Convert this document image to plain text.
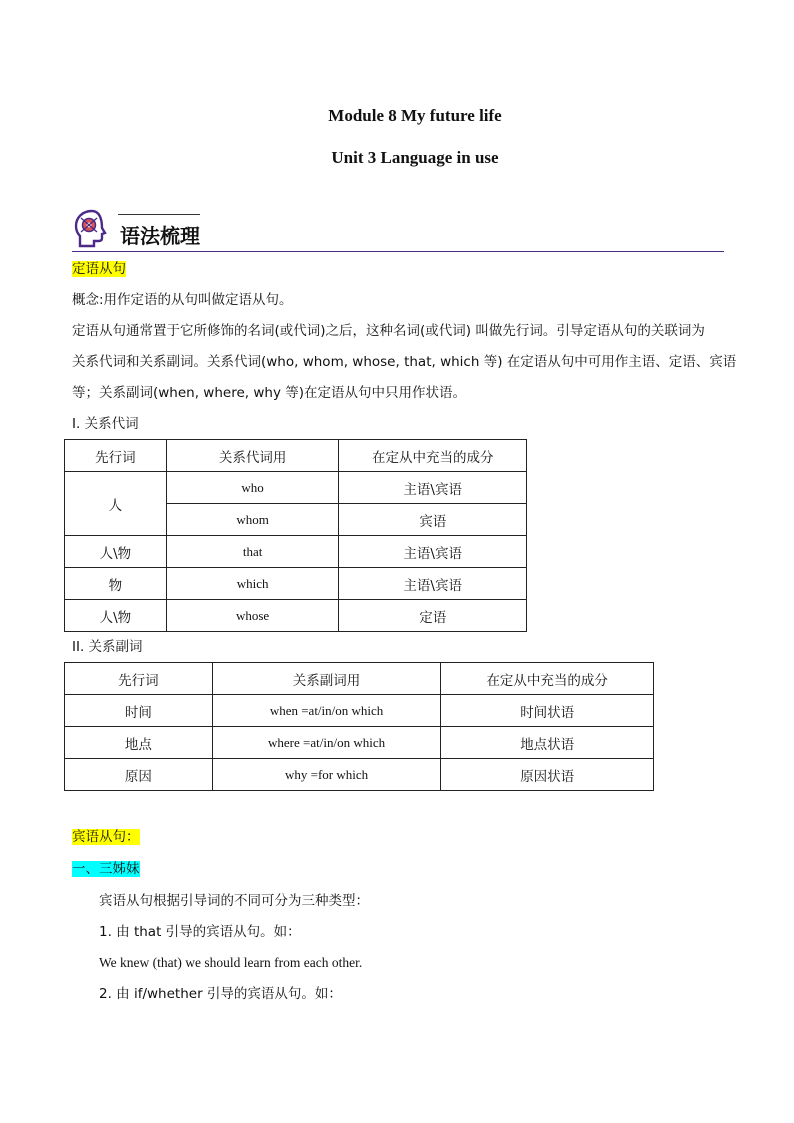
Module 8 My future life
Unit 3 Language in use
语法梳理
定语从句
概念:用作定语的从句叫做定语从句。
定语从句通常置于它所修饰的名词(或代词)之后，这种名词(或代词) 叫做先行词。引导定语从句的关联词为
关系代词和关系副词。关系代词(who, whom, whose, that, which 等) 在定语从句中可用作主语、定语、宾语
等；关系副词(when, where, why 等)在定语从句中只用作状语。
I. 关系代词
先行词	关系代词用	在定从中充当的成分
人	who	主语\宾语
	whom	宾语
人\物	that	主语\宾语
物	which	主语\宾语
人\物	whose	定语
II. 关系副词
先行词	关系副词用	在定从中充当的成分
时间	when =at/in/on which	时间状语
地点	where =at/in/on which	地点状语
原因	why =for which	原因状语
宾语从句：
一、三姊妹
宾语从句根据引导词的不同可分为三种类型：
1. 由 that 引导的宾语从句。如：
We knew (that) we should learn from each other.
2. 由 if/whether 引导的宾语从句。如：
